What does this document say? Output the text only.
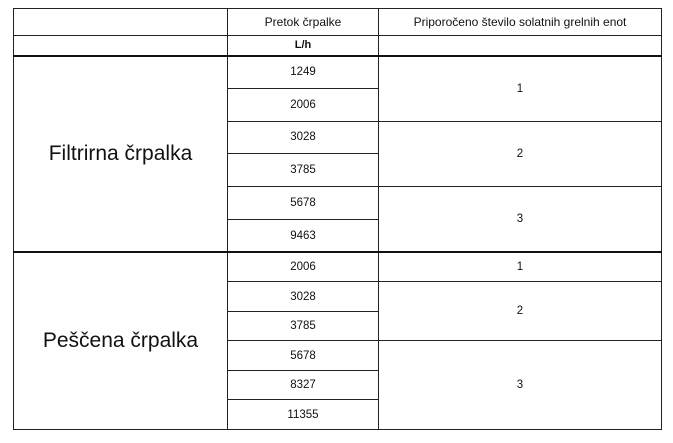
	Pretok črpalke	Priporočeno število solatnih grelnih enot
	L/h	
Filtrirna črpalka	1249	1
	2006	
	3028	2
	3785	
	5678	3
	9463	
Peščena črpalka	2006	1
	3028	2
	3785	
	5678	3
	8327	
	11355	
